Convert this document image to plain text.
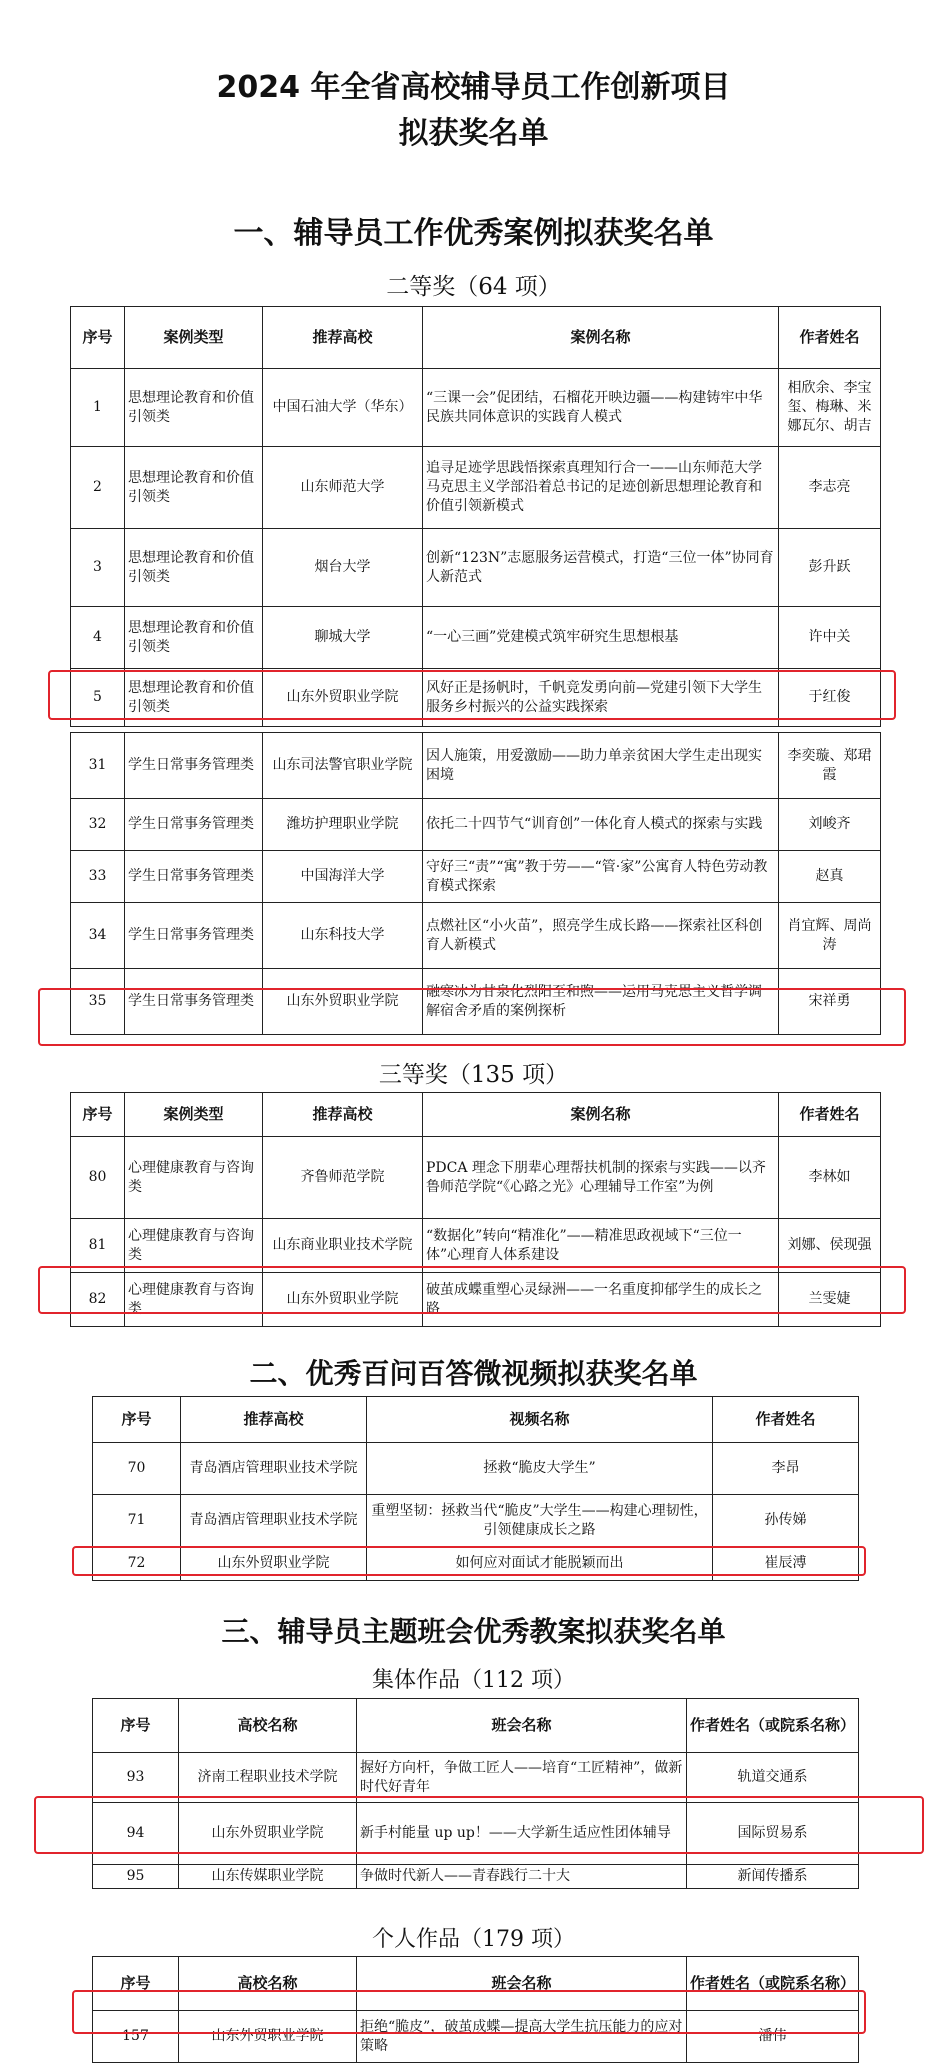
2024 年全省高校辅导员工作创新项目
拟获奖名单
一、辅导员工作优秀案例拟获奖名单
二等奖（64 项）
序号	案例类型	推荐高校	案例名称	作者姓名
1	思想理论教育和价值引领类	中国石油大学（华东）	“三课一会”促团结，石榴花开映边疆——构建铸牢中华民族共同体意识的实践育人模式	相欣余、李宝玺、梅琳、米娜瓦尔、胡吉
2	思想理论教育和价值引领类	山东师范大学	追寻足迹学思践悟探索真理知行合一——山东师范大学马克思主义学部沿着总书记的足迹创新思想理论教育和价值引领新模式	李志亮
3	思想理论教育和价值引领类	烟台大学	创新“123N”志愿服务运营模式，打造“三位一体”协同育人新范式	彭升跃
4	思想理论教育和价值引领类	聊城大学	“一心三画”党建模式筑牢研究生思想根基	许中关
5	思想理论教育和价值引领类	山东外贸职业学院	风好正是扬帆时，千帆竞发勇向前—党建引领下大学生服务乡村振兴的公益实践探索	于红俊
31	学生日常事务管理类	山东司法警官职业学院	因人施策，用爱激励——助力单亲贫困大学生走出现实困境	李奕璇、郑珺霞
32	学生日常事务管理类	潍坊护理职业学院	依托二十四节气“训育创”一体化育人模式的探索与实践	刘峻齐
33	学生日常事务管理类	中国海洋大学	守好三“责”“寓”教于劳——“管·家”公寓育人特色劳动教育模式探索	赵真
34	学生日常事务管理类	山东科技大学	点燃社区“小火苗”，照亮学生成长路——探索社区科创育人新模式	肖宜辉、周尚涛
35	学生日常事务管理类	山东外贸职业学院	融寒冰为甘泉化烈阳至和煦——运用马克思主义哲学调解宿舍矛盾的案例探析	宋祥勇
三等奖（135 项）
序号	案例类型	推荐高校	案例名称	作者姓名
80	心理健康教育与咨询类	齐鲁师范学院	PDCA 理念下朋辈心理帮扶机制的探索与实践——以齐鲁师范学院“《心路之光》心理辅导工作室”为例	李林如
81	心理健康教育与咨询类	山东商业职业技术学院	“数据化”转向“精准化”——精准思政视域下“三位一体”心理育人体系建设	刘娜、侯现强
82	心理健康教育与咨询类	山东外贸职业学院	破茧成蝶重塑心灵绿洲——一名重度抑郁学生的成长之路	兰雯婕
二、优秀百问百答微视频拟获奖名单
序号	推荐高校	视频名称	作者姓名
70	青岛酒店管理职业技术学院	拯救“脆皮大学生”	李昂
71	青岛酒店管理职业技术学院	重塑坚韧：拯救当代“脆皮”大学生——构建心理韧性，引领健康成长之路	孙传娣
72	山东外贸职业学院	如何应对面试才能脱颖而出	崔辰溥
三、辅导员主题班会优秀教案拟获奖名单
集体作品（112 项）
序号	高校名称	班会名称	作者姓名（或院系名称）
93	济南工程职业技术学院	握好方向杆，争做工匠人——培育“工匠精神”，做新时代好青年	轨道交通系
94	山东外贸职业学院	新手村能量 up up！——大学新生适应性团体辅导	国际贸易系
95	山东传媒职业学院	争做时代新人——青春践行二十大	新闻传播系
个人作品（179 项）
序号	高校名称	班会名称	作者姓名（或院系名称）
157	山东外贸职业学院	拒绝“脆皮”，破茧成蝶—提高大学生抗压能力的应对策略	潘伟
